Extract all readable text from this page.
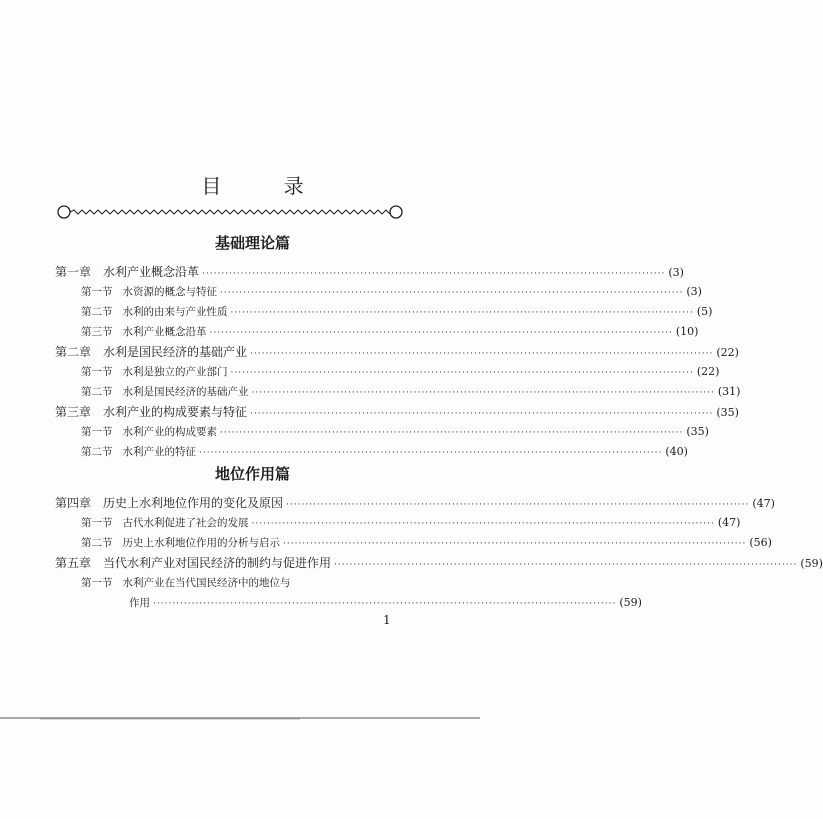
目 录
基础理论篇
第一章 水利产业概念沿革 ························································································································ (3)
第一节 水资源的概念与特征 ························································································································ (3)
第二节 水利的由来与产业性质 ························································································································ (5)
第三节 水利产业概念沿革 ························································································································ (10)
第二章 水利是国民经济的基础产业 ························································································································ (22)
第一节 水利是独立的产业部门 ························································································································ (22)
第二节 水利是国民经济的基础产业 ························································································································ (31)
第三章 水利产业的构成要素与特征 ························································································································ (35)
第一节 水利产业的构成要素 ························································································································ (35)
第二节 水利产业的特征 ························································································································ (40)
地位作用篇
第四章 历史上水利地位作用的变化及原因 ························································································································ (47)
第一节 古代水利促进了社会的发展 ························································································································ (47)
第二节 历史上水利地位作用的分析与启示 ························································································································ (56)
第五章 当代水利产业对国民经济的制约与促进作用 ························································································································ (59)
第一节 水利产业在当代国民经济中的地位与
作用 ························································································································ (59)
1
